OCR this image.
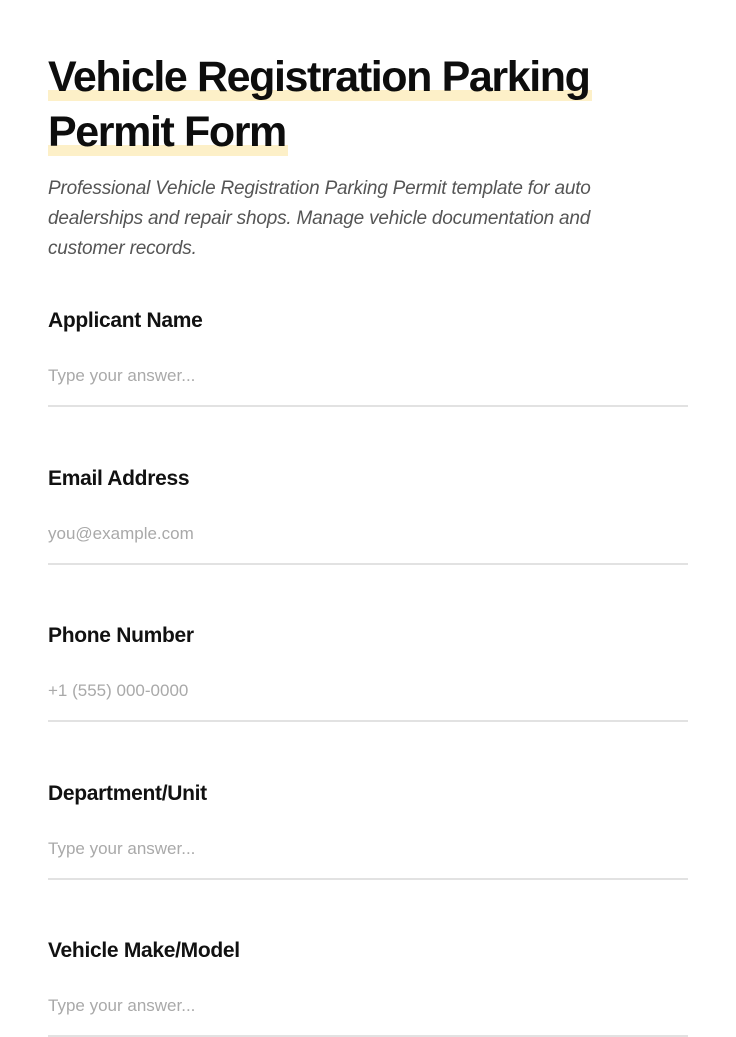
Vehicle Registration Parking
Permit Form

Professional Vehicle Registration Parking Permit template for auto dealerships and repair shops. Manage vehicle documentation and customer records.

Applicant Name
Type your answer...
Email Address
you@example.com
Phone Number
+1 (555) 000-0000
Department/Unit
Type your answer...
Vehicle Make/Model
Type your answer...
